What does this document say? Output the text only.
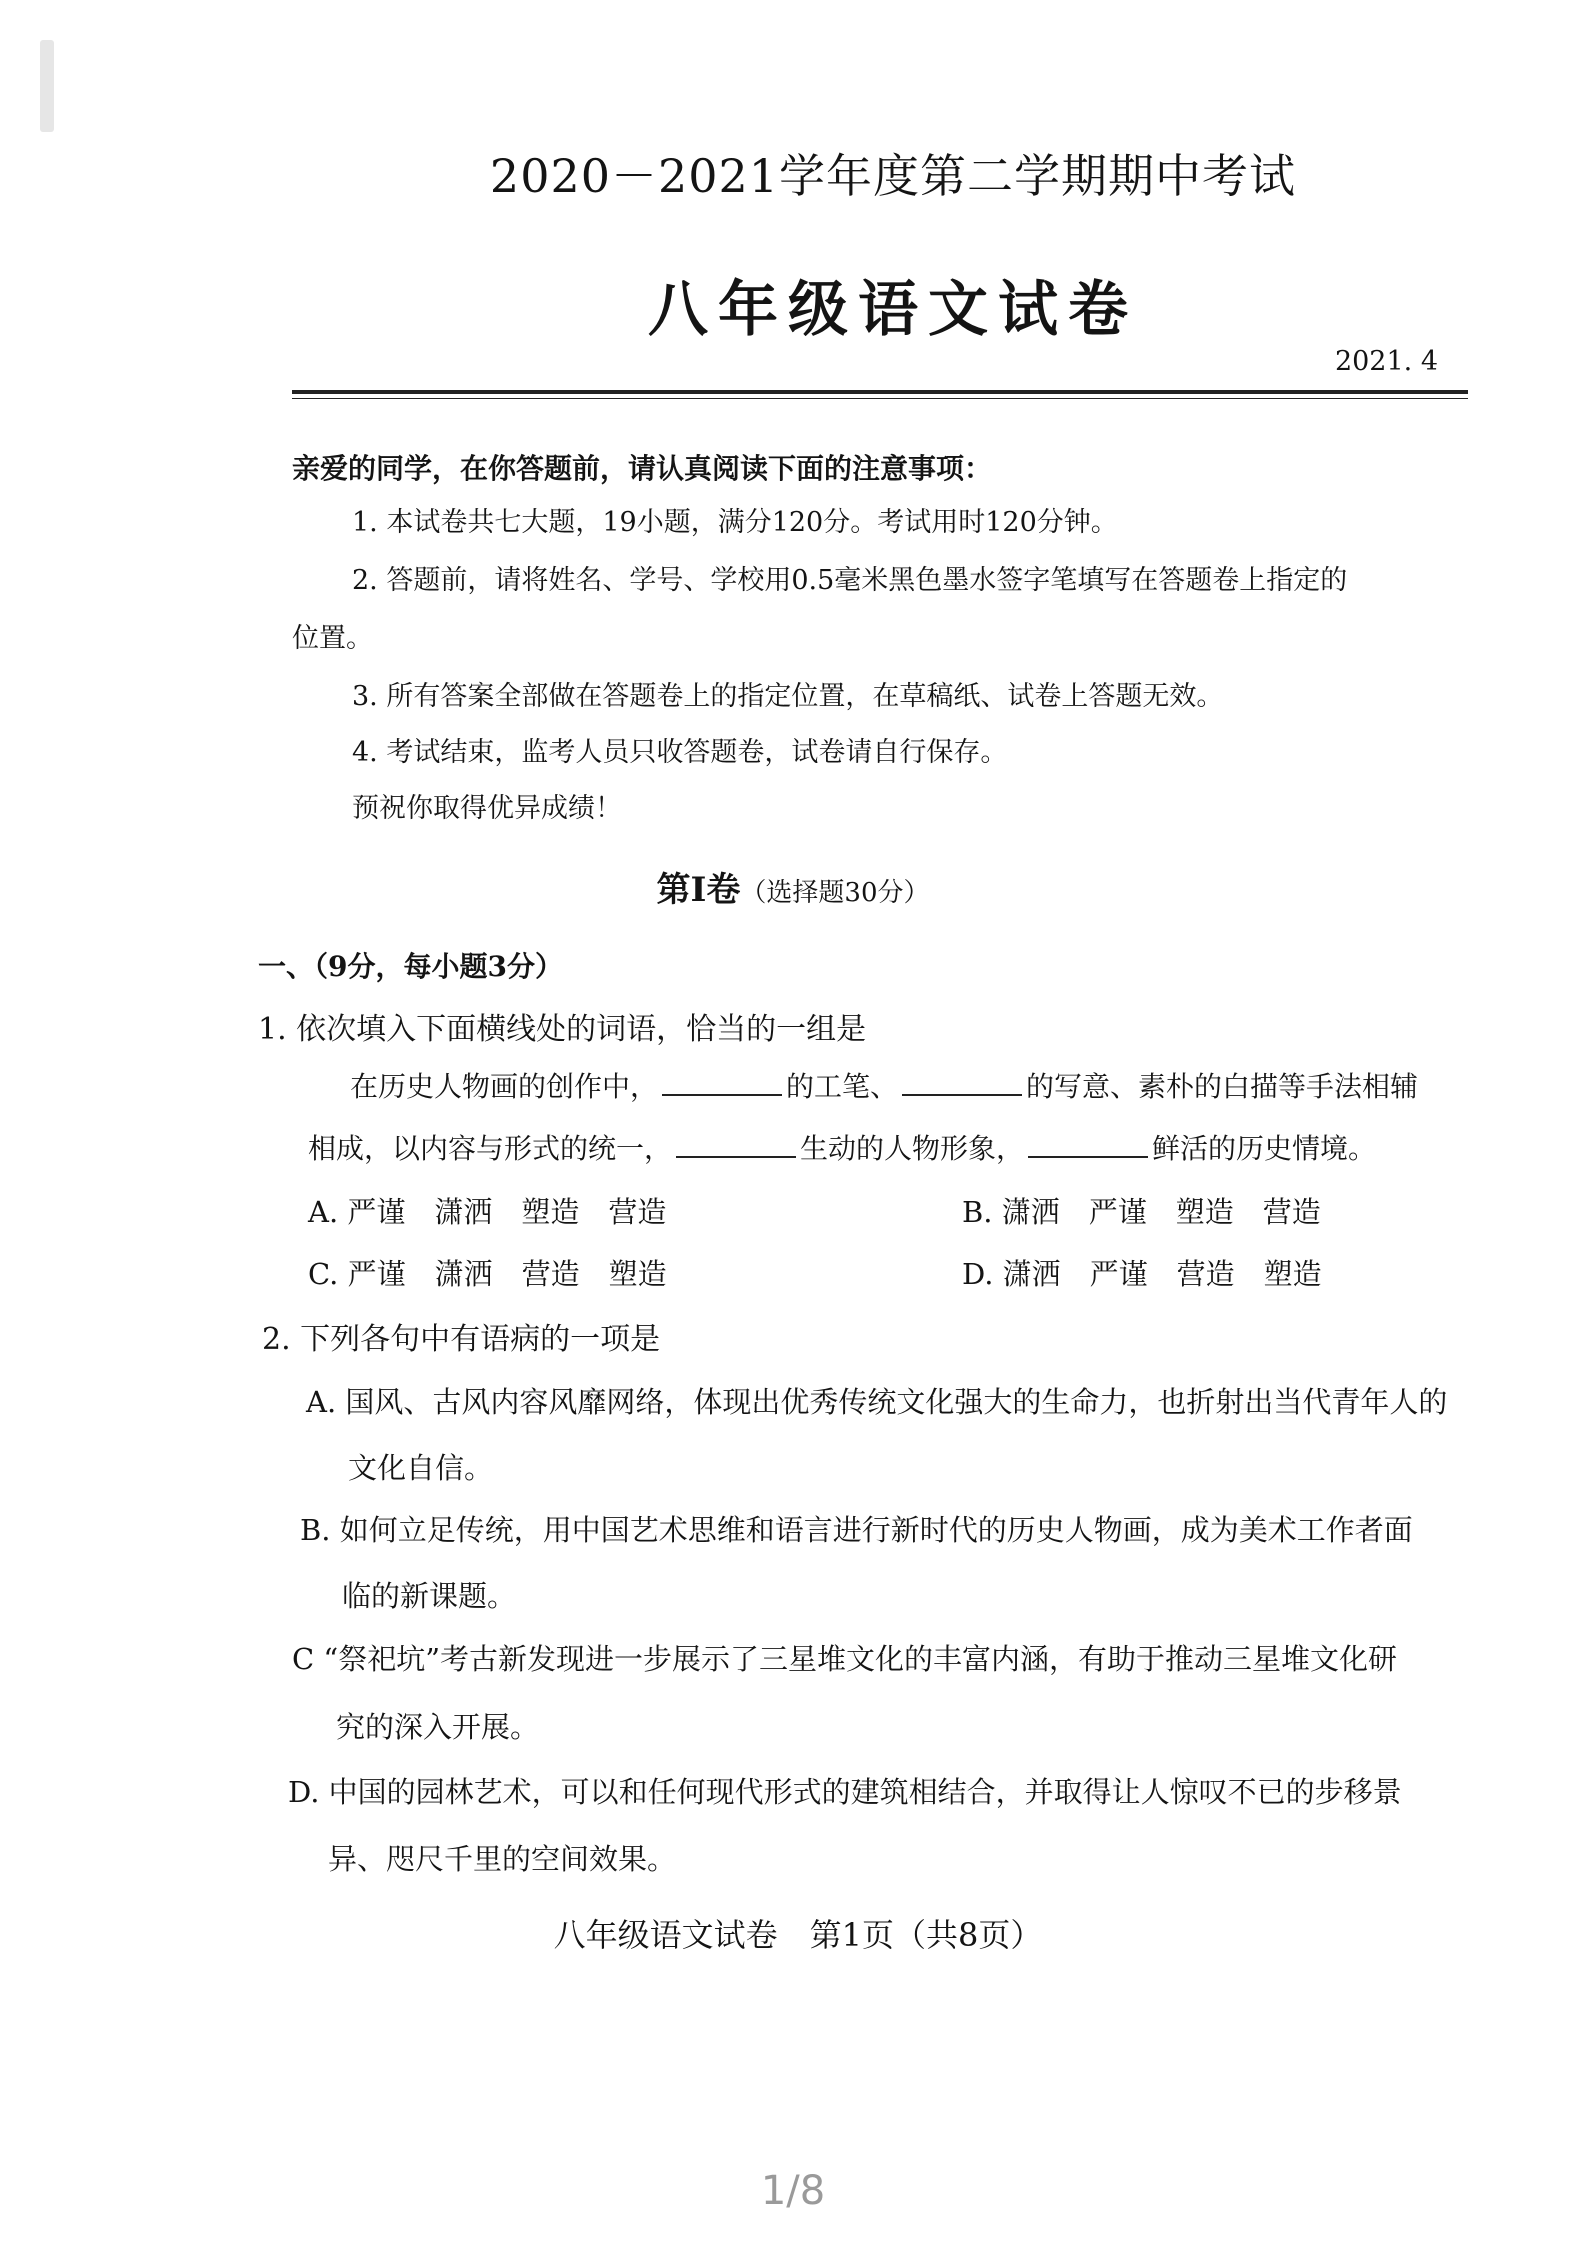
2020－2021学年度第二学期期中考试
八年级语文试卷
2021. 4
亲爱的同学，在你答题前，请认真阅读下面的注意事项：
1. 本试卷共七大题，19小题，满分120分。考试用时120分钟。
2. 答题前，请将姓名、学号、学校用0.5毫米黑色墨水签字笔填写在答题卷上指定的
位置。
3. 所有答案全部做在答题卷上的指定位置，在草稿纸、试卷上答题无效。
4. 考试结束，监考人员只收答题卷，试卷请自行保存。
预祝你取得优异成绩！
第Ⅰ卷（选择题30分）
一、（9分，每小题3分）
1. 依次填入下面横线处的词语，恰当的一组是
在历史人物画的创作中，	的工笔、	的写意、素朴的白描等手法相辅
相成，以内容与形式的统一，	生动的人物形象，	鲜活的历史情境。
A. 严谨　潇洒　塑造　营造	B. 潇洒　严谨　塑造　营造
C. 严谨　潇洒　营造　塑造	D. 潇洒　严谨　营造　塑造
2. 下列各句中有语病的一项是
A. 国风、古风内容风靡网络，体现出优秀传统文化强大的生命力，也折射出当代青年人的
文化自信。
B. 如何立足传统，用中国艺术思维和语言进行新时代的历史人物画，成为美术工作者面
临的新课题。
C “祭祀坑”考古新发现进一步展示了三星堆文化的丰富内涵，有助于推动三星堆文化研
究的深入开展。
D. 中国的园林艺术，可以和任何现代形式的建筑相结合，并取得让人惊叹不已的步移景
异、咫尺千里的空间效果。
八年级语文试卷　第1页（共8页）
1/8
